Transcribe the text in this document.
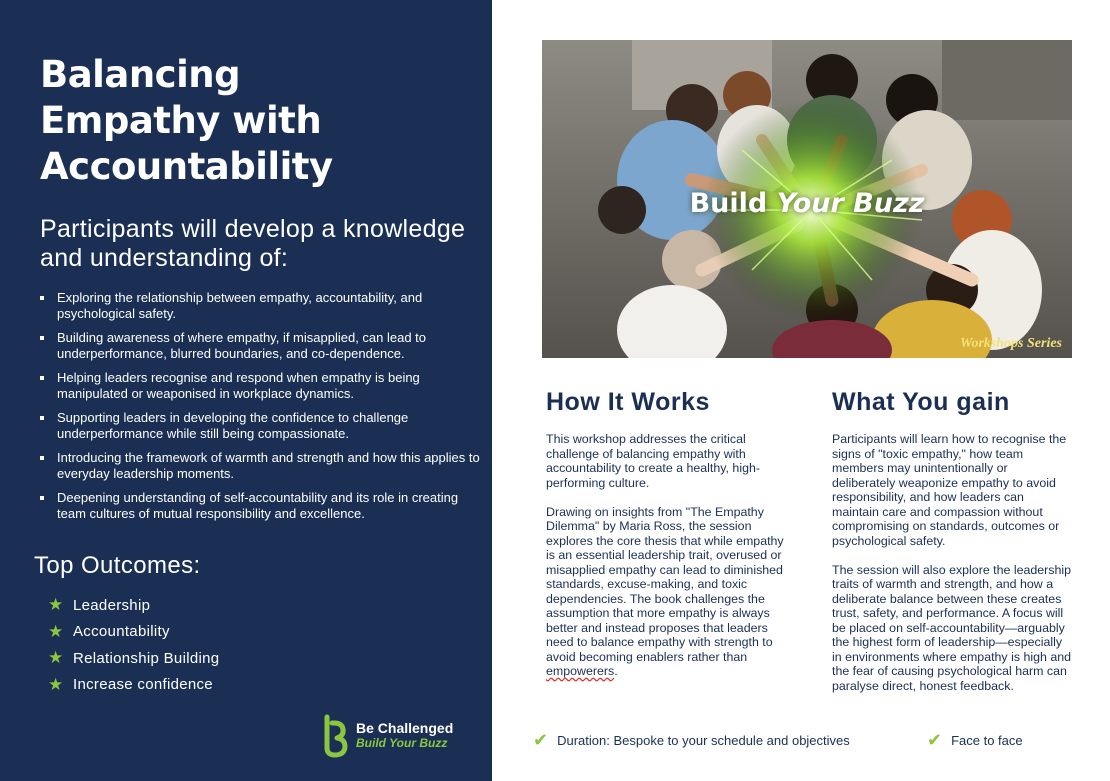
Balancing
Empathy with
Accountability
Participants will develop a knowledge and understanding of:
Exploring the relationship between empathy, accountability, and psychological safety.
Building awareness of where empathy, if misapplied, can lead to underperformance, blurred boundaries, and co-dependence.
Helping leaders recognise and respond when empathy is being manipulated or weaponised in workplace dynamics.
Supporting leaders in developing the confidence to challenge underperformance while still being compassionate.
Introducing the framework of warmth and strength and how this applies to everyday leadership moments.
Deepening understanding of self-accountability and its role in creating team cultures of mutual responsibility and excellence.
Top Outcomes:
★ Leadership
★ Accountability
★ Relationship Building
★ Increase confidence
Be Challenged
Build Your Buzz
Build Your Buzz
Workshops Series
How It Works

This workshop addresses the critical challenge of balancing empathy with accountability to create a healthy, high-performing culture.

Drawing on insights from "The Empathy Dilemma" by Maria Ross, the session explores the core thesis that while empathy is an essential leadership trait, overused or misapplied empathy can lead to diminished standards, excuse-making, and toxic dependencies. The book challenges the assumption that more empathy is always better and instead proposes that leaders need to balance empathy with strength to avoid becoming enablers rather than empowerers.

What You gain

Participants will learn how to recognise the signs of "toxic empathy," how team members may unintentionally or deliberately weaponize empathy to avoid responsibility, and how leaders can maintain care and compassion without compromising on standards, outcomes or psychological safety.

The session will also explore the leadership traits of warmth and strength, and how a deliberate balance between these creates trust, safety, and performance. A focus will be placed on self-accountability—arguably the highest form of leadership—especially in environments where empathy is high and the fear of causing psychological harm can paralyse direct, honest feedback.

✔ Duration: Bespoke to your schedule and objectives	✔ Face to face
